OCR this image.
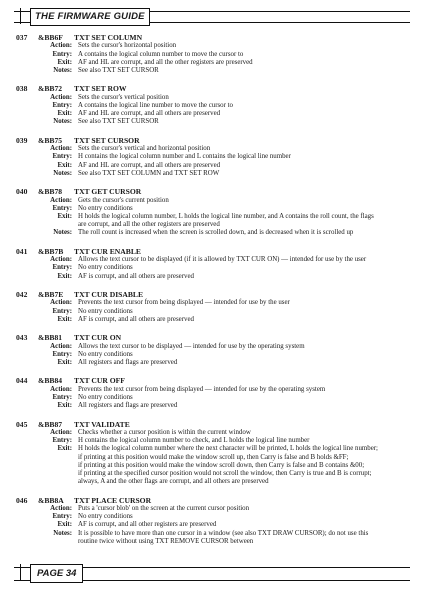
THE FIRMWARE GUIDE
037 &BB6F TXT SET COLUMN
Action: Sets the cursor's horizontal position
Entry: A contains the logical column number to move the cursor to
Exit: AF and HL are corrupt, and all the other registers are preserved
Notes: See also TXT SET CURSOR
038 &BB72 TXT SET ROW
Action: Sets the cursor's vertical position
Entry: A contains the logical line number to move the cursor to
Exit: AF and HL are corrupt, and all others are preserved
Notes: See also TXT SET CURSOR
039 &BB75 TXT SET CURSOR
Action: Sets the cursor's vertical and horizontal position
Entry: H contains the logical column number and L contains the logical line number
Exit: AF and HL are corrupt, and all others are preserved
Notes: See also TXT SET COLUMN and TXT SET ROW
040 &BB78 TXT GET CURSOR
Action: Gets the cursor's current position
Entry: No entry conditions
Exit: H holds the logical column number, L holds the logical line number, and A contains the roll count, the flags
are corrupt, and all the other registers are preserved
Notes: The roll count is increased when the screen is scrolled down, and is decreased when it is scrolled up
041 &BB7B TXT CUR ENABLE
Action: Allows the text cursor to be displayed (if it is allowed by TXT CUR ON) — intended for use by the user
Entry: No entry conditions
Exit: AF is corrupt, and all others are preserved
042 &BB7E TXT CUR DISABLE
Action: Prevents the text cursor from being displayed — intended for use by the user
Entry: No entry conditions
Exit: AF is corrupt, and all others are preserved
043 &BB81 TXT CUR ON
Action: Allows the text cursor to be displayed — intended for use by the operating system
Entry: No entry conditions
Exit: All registers and flags are preserved
044 &BB84 TXT CUR OFF
Action: Prevents the text cursor from being displayed — intended for use by the operating system
Entry: No entry conditions
Exit: All registers and flags are preserved
045 &BB87 TXT VALIDATE
Action: Checks whether a cursor position is within the current window
Entry: H contains the logical column number to check, and L holds the logical line number
Exit: H holds the logical column number where the next character will be printed, L holds the logical line number;
if printing at this position would make the window scroll up, then Carry is false and B holds &FF;
if printing at this position would make the window scroll down, then Carry is false and B contains &00;
if printing at the specified cursor position would not scroll the window, then Carry is true and B is corrupt;
always, A and the other flags are corrupt, and all others are preserved
046 &BB8A TXT PLACE CURSOR
Action: Puts a 'cursor blob' on the screen at the current cursor position
Entry: No entry conditions
Exit: AF is corrupt, and all other registers are preserved
Notes: It is possible to have more than one cursor in a window (see also TXT DRAW CURSOR); do not use this
routine twice without using TXT REMOVE CURSOR between
PAGE 34
